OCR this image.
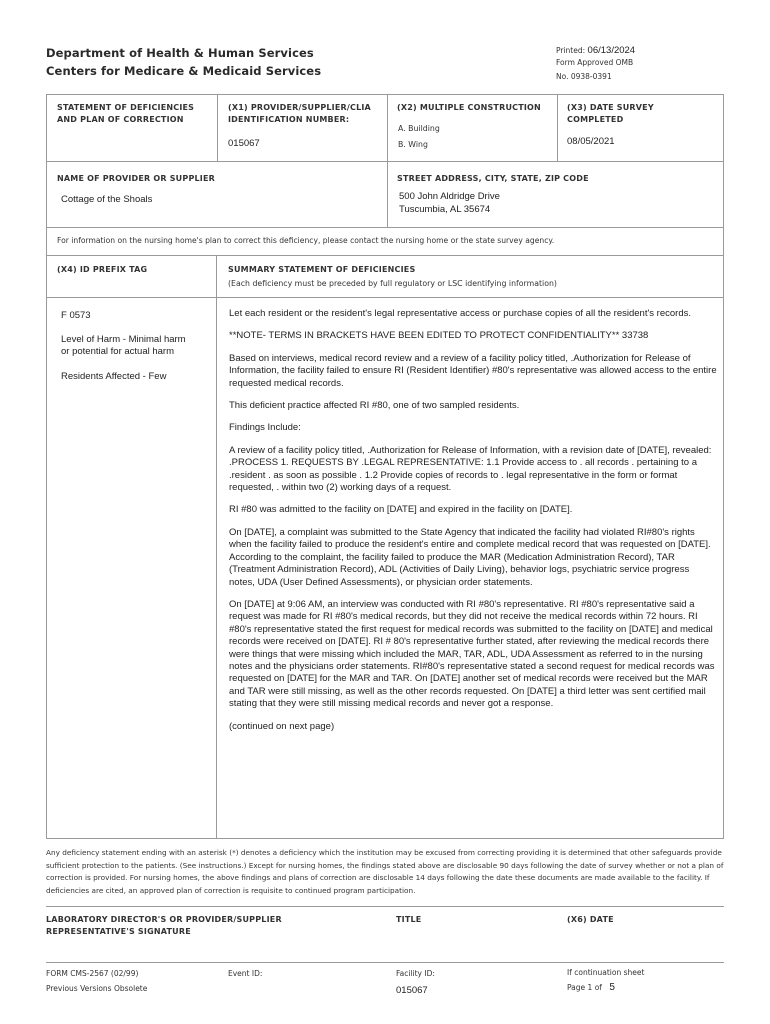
Department of Health & Human Services
Centers for Medicare & Medicaid Services
Printed: 06/13/2024
Form Approved OMB
No. 0938-0391
STATEMENT OF DEFICIENCIES
AND PLAN OF CORRECTION
(X1) PROVIDER/SUPPLIER/CLIA
IDENTIFICATION NUMBER:
015067
(X2) MULTIPLE CONSTRUCTION
A. Building
B. Wing
(X3) DATE SURVEY
COMPLETED
08/05/2021
NAME OF PROVIDER OR SUPPLIER
Cottage of the Shoals
STREET ADDRESS, CITY, STATE, ZIP CODE
500 John Aldridge Drive
Tuscumbia, AL 35674
For information on the nursing home's plan to correct this deficiency, please contact the nursing home or the state survey agency.
(X4) ID PREFIX TAG	SUMMARY STATEMENT OF DEFICIENCIES
(Each deficiency must be preceded by full regulatory or LSC identifying information)
F 0573
Level of Harm - Minimal harm
or potential for actual harm
Residents Affected - Few

Let each resident or the resident's legal representative access or purchase copies of all the resident's records.

**NOTE- TERMS IN BRACKETS HAVE BEEN EDITED TO PROTECT CONFIDENTIALITY** 33738

Based on interviews, medical record review and a review of a facility policy titled, .Authorization for Release of Information, the facility failed to ensure RI (Resident Identifier) #80's representative was allowed access to the entire requested medical records.

This deficient practice affected RI #80, one of two sampled residents.

Findings Include:

A review of a facility policy titled, .Authorization for Release of Information, with a revision date of [DATE], revealed: .PROCESS 1. REQUESTS BY .LEGAL REPRESENTATIVE: 1.1 Provide access to . all records . pertaining to a .resident . as soon as possible . 1.2 Provide copies of records to . legal representative in the form or format requested, . within two (2) working days of a request.

RI #80 was admitted to the facility on [DATE] and expired in the facility on [DATE].

On [DATE], a complaint was submitted to the State Agency that indicated the facility had violated RI#80's rights when the facility failed to produce the resident's entire and complete medical record that was requested on [DATE]. According to the complaint, the facility failed to produce the MAR (Medication Administration Record), TAR (Treatment Administration Record), ADL (Activities of Daily Living), behavior logs, psychiatric service progress notes, UDA (User Defined Assessments), or physician order statements.

On [DATE] at 9:06 AM, an interview was conducted with RI #80's representative. RI #80's representative said a request was made for RI #80's medical records, but they did not receive the medical records within 72 hours. RI #80's representative stated the first request for medical records was submitted to the facility on [DATE] and medical records were received on [DATE]. RI # 80's representative further stated, after reviewing the medical records there were things that were missing which included the MAR, TAR, ADL, UDA Assessment as referred to in the nursing notes and the physicians order statements. RI#80's representative stated a second request for medical records was requested on [DATE] for the MAR and TAR. On [DATE] another set of medical records were received but the MAR and TAR were still missing, as well as the other records requested. On [DATE] a third letter was sent certified mail stating that they were still missing medical records and never got a response.

(continued on next page)

Any deficiency statement ending with an asterisk (*) denotes a deficiency which the institution may be excused from correcting providing it is determined that other safeguards provide sufficient protection to the patients. (See instructions.) Except for nursing homes, the findings stated above are disclosable 90 days following the date of survey whether or not a plan of correction is provided. For nursing homes, the above findings and plans of correction are disclosable 14 days following the date these documents are made available to the facility. If deficiencies are cited, an approved plan of correction is requisite to continued program participation.
LABORATORY DIRECTOR'S OR PROVIDER/SUPPLIER
REPRESENTATIVE'S SIGNATURE
TITLE	(X6) DATE
FORM CMS-2567 (02/99)
Previous Versions Obsolete
Event ID:	Facility ID:
015067
If continuation sheet
Page 1 of 5
